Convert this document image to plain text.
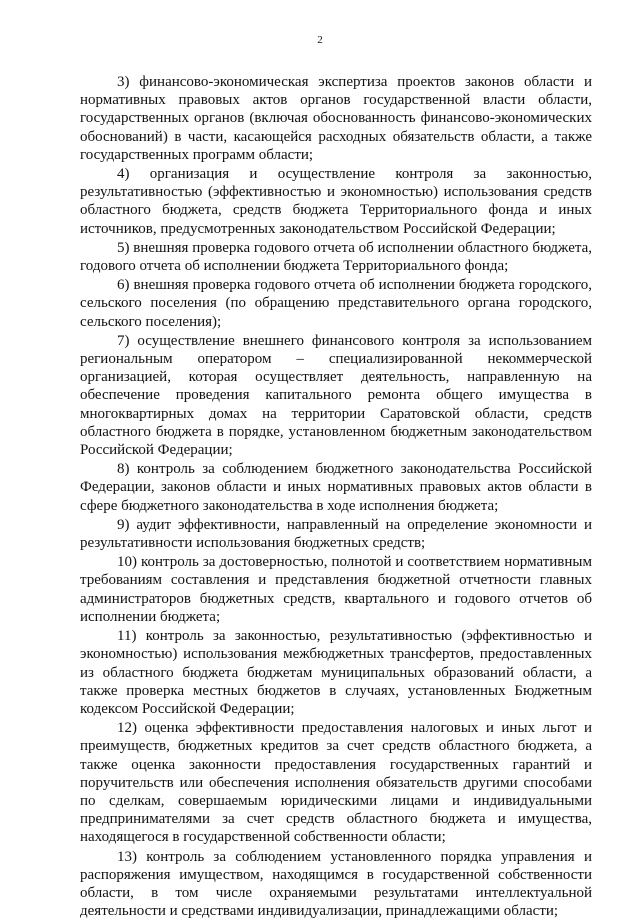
2

3) финансово-экономическая экспертиза проектов законов области и нормативных правовых актов органов государственной власти области, государственных органов (включая обоснованность финансово-экономических обоснований) в части, касающейся расходных обязательств области, а также государственных программ области;

4) организация и осуществление контроля за законностью, результативностью (эффективностью и экономностью) использования средств областного бюджета, средств бюджета Территориального фонда и иных источников, предусмотренных законодательством Российской Федерации;

5) внешняя проверка годового отчета об исполнении областного бюджета, годового отчета об исполнении бюджета Территориального фонда;

6) внешняя проверка годового отчета об исполнении бюджета городского, сельского поселения (по обращению представительного органа городского, сельского поселения);

7) осуществление внешнего финансового контроля за использованием региональным оператором – специализированной некоммерческой организацией, которая осуществляет деятельность, направленную на обеспечение проведения капитального ремонта общего имущества в многоквартирных домах на территории Саратовской области, средств областного бюджета в порядке, установленном бюджетным законодательством Российской Федерации;

8) контроль за соблюдением бюджетного законодательства Российской Федерации, законов области и иных нормативных правовых актов области в сфере бюджетного законодательства в ходе исполнения бюджета;

9) аудит эффективности, направленный на определение экономности и результативности использования бюджетных средств;

10) контроль за достоверностью, полнотой и соответствием нормативным требованиям составления и представления бюджетной отчетности главных администраторов бюджетных средств, квартального и годового отчетов об исполнении бюджета;

11) контроль за законностью, результативностью (эффективностью и экономностью) использования межбюджетных трансфертов, предоставленных из областного бюджета бюджетам муниципальных образований области, а также проверка местных бюджетов в случаях, установленных Бюджетным кодексом Российской Федерации;

12) оценка эффективности предоставления налоговых и иных льгот и преимуществ, бюджетных кредитов за счет средств областного бюджета, а также оценка законности предоставления государственных гарантий и поручительств или обеспечения исполнения обязательств другими способами по сделкам, совершаемым юридическими лицами и индивидуальными предпринимателями за счет средств областного бюджета и имущества, находящегося в государственной собственности области;

13) контроль за соблюдением установленного порядка управления и распоряжения имуществом, находящимся в государственной собственности области, в том числе охраняемыми результатами интеллектуальной деятельности и средствами индивидуализации, принадлежащими области;
